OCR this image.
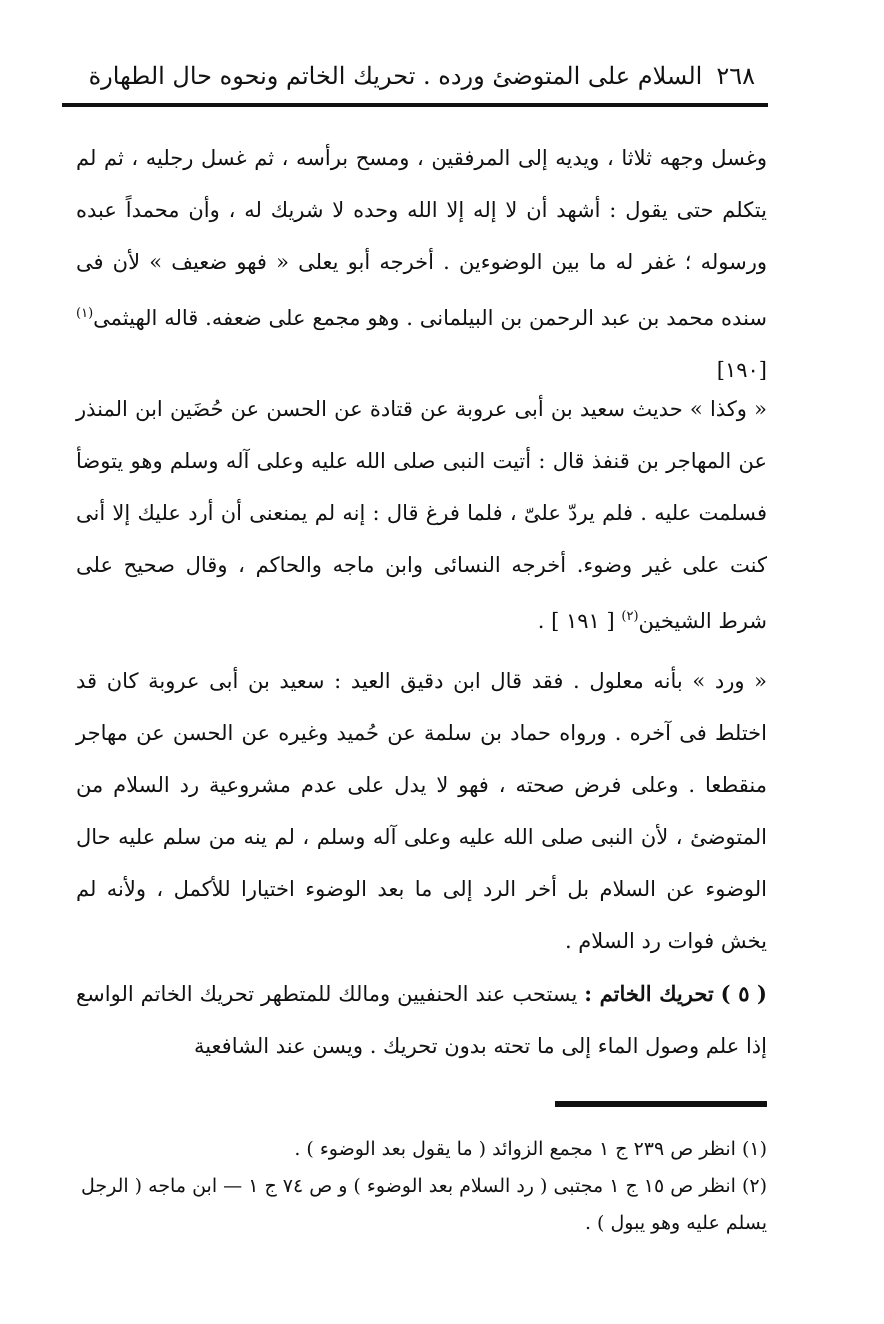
٢٦٨
السلام على المتوضئ ورده . تحريك الخاتم ونحوه حال الطهارة

وغسل وجهه ثلاثا ، ويديه إلى المرفقين ، ومسح برأسه ، ثم غسل رجليه ، ثم لم يتكلم حتى يقول : أشهد أن لا إله إلا الله وحده لا شريك له ، وأن محمداً عبده ورسوله ؛ غفر له ما بين الوضوءين . أخرجه أبو يعلى « فهو ضعيف » لأن فى سنده محمد بن عبد الرحمن بن البيلمانى . وهو مجمع على ضعفه. قاله الهيثمى$^{(١)}$[١٩٠]

« وكذا » حديث سعيد بن أبى عروبة عن قتادة عن الحسن عن حُضَين ابن المنذر عن المهاجر بن قنفذ قال : أتيت النبى صلى الله عليه وعلى آله وسلم وهو يتوضأ فسلمت عليه . فلم يردّ علىّ ، فلما فرغ قال : إنه لم يمنعنى أن أرد عليك إلا أنى كنت على غير وضوء. أخرجه النسائى وابن ماجه والحاكم ، وقال صحيح على شرط الشيخين$^{(٢)}$ [ ١٩١ ] .

« ورد » بأنه معلول . فقد قال ابن دقيق العيد : سعيد بن أبى عروبة كان قد اختلط فى آخره . ورواه حماد بن سلمة عن حُميد وغيره عن الحسن عن مهاجر منقطعا . وعلى فرض صحته ، فهو لا يدل على عدم مشروعية رد السلام من المتوضئ ، لأن النبى صلى الله عليه وعلى آله وسلم ، لم ينه من سلم عليه حال الوضوء عن السلام بل أخر الرد إلى ما بعد الوضوء اختيارا للأكمل ، ولأنه لم يخش فوات رد السلام .

( ٥ ) تحريك الخاتم : يستحب عند الحنفيين ومالك للمتطهر تحريك الخاتم الواسع إذا علم وصول الماء إلى ما تحته بدون تحريك . ويسن عند الشافعية

(١) انظر ص ٢٣٩ ج ١ مجمع الزوائد ( ما يقول بعد الوضوء ) .
(٢) انظر ص ١٥ ج ١ مجتبى ( رد السلام بعد الوضوء ) و ص ٧٤ ج ١ — ابن ماجه ( الرجل يسلم عليه وهو يبول ) .
